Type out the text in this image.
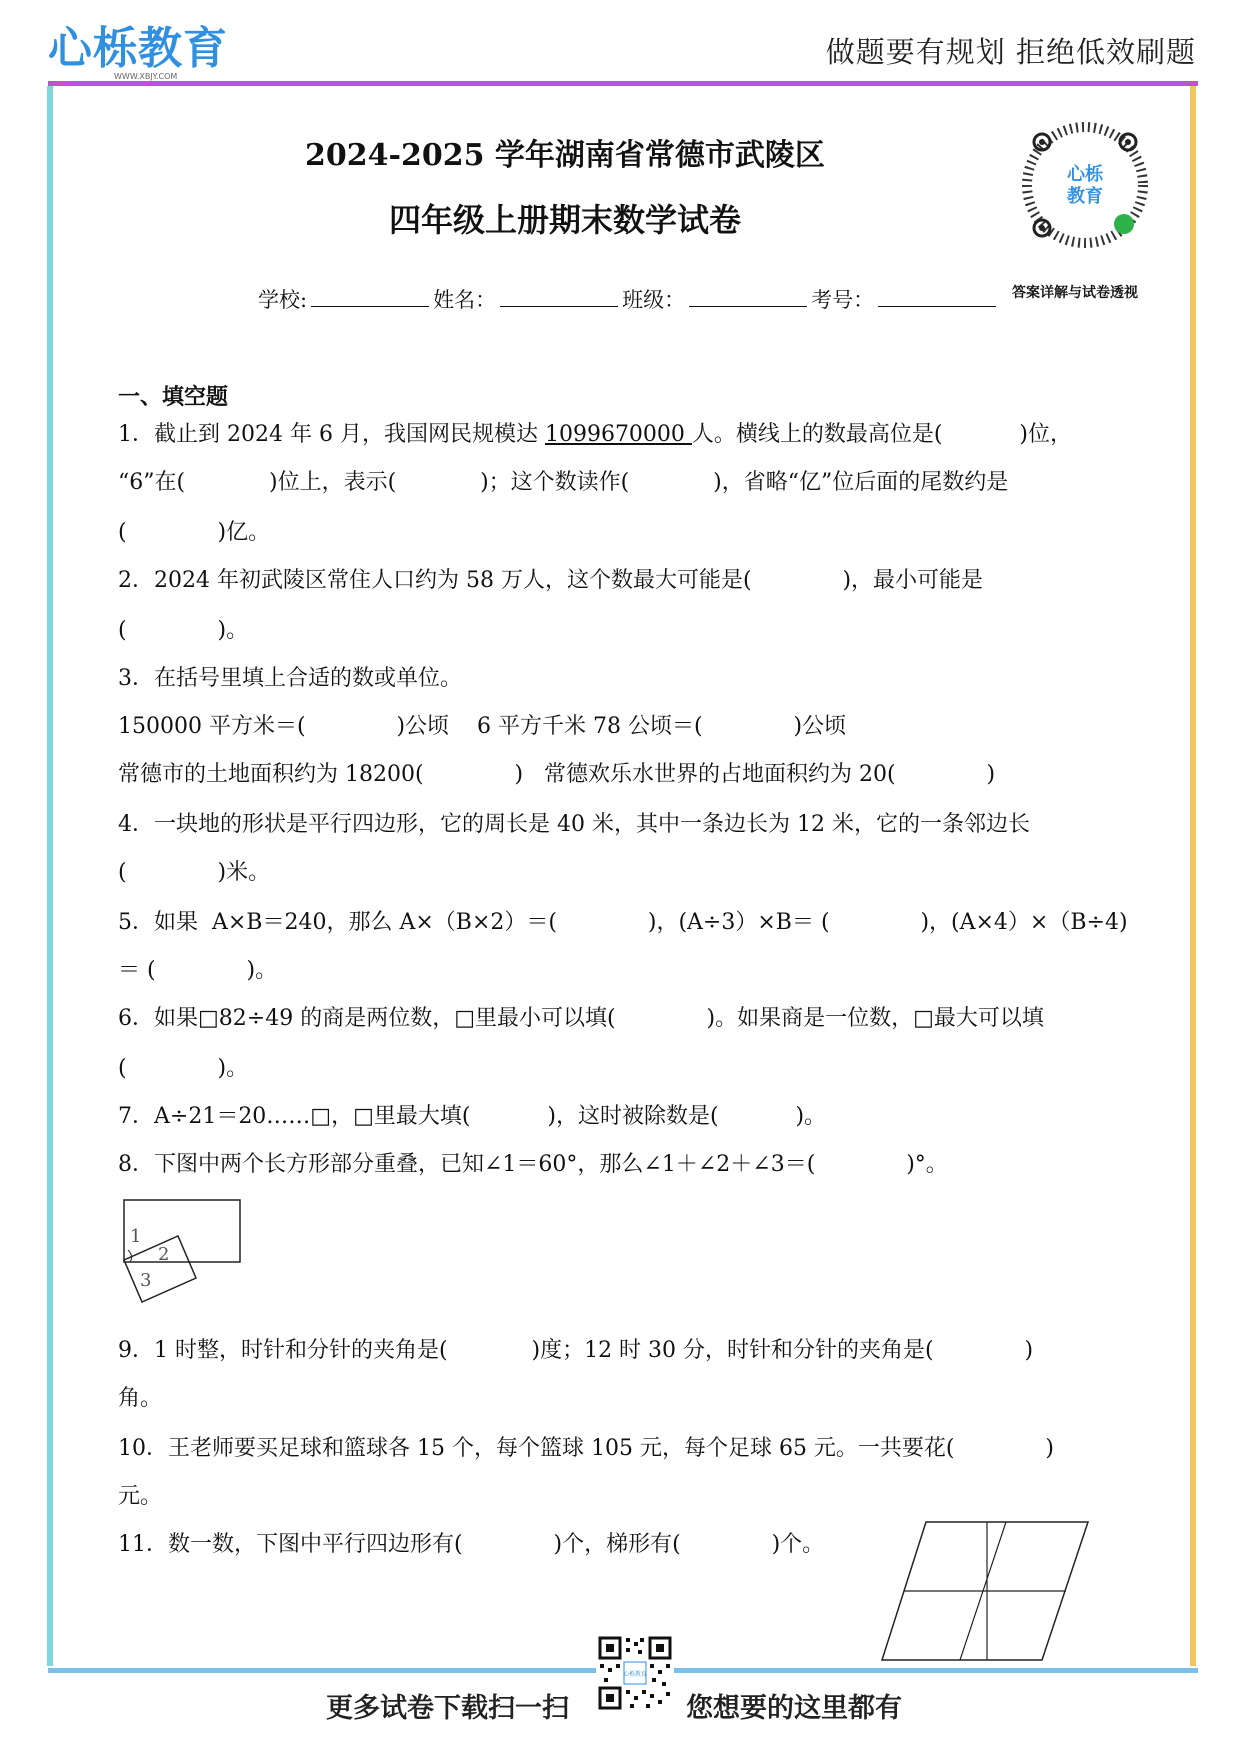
心栎教育
WWW.XBJY.COM
做题要有规划 拒绝低效刷题
2024-2025 学年湖南省常德市武陵区
四年级上册期末数学试卷
心栎
教育
答案详解与试卷透视
学校:	姓名：	班级：	考号：
一、填空题
1．截止到 2024 年 6 月，我国网民规模达 1099670000 人。横线上的数最高位是(           )位，
“6”在(            )位上，表示(            )；这个数读作(            )，省略“亿”位后面的尾数约是
(             )亿。
2．2024 年初武陵区常住人口约为 58 万人，这个数最大可能是(             )，最小可能是
(             )。
3．在括号里填上合适的数或单位。
150000 平方米＝(             )公顷    6 平方千米 78 公顷＝(             )公顷
常德市的土地面积约为 18200(             )   常德欢乐水世界的占地面积约为 20(             )
4．一块地的形状是平行四边形，它的周长是 40 米，其中一条边长为 12 米，它的一条邻边长
(             )米。
5．如果  A×B＝240，那么 A×（B×2）＝(             )，(A÷3）×B＝ (             )，(A×4）×（B÷4)
＝ (             )。
6．如果□82÷49 的商是两位数，□里最小可以填(             )。如果商是一位数，□最大可以填
(             )。
7．A÷21＝20……□，□里最大填(           )，这时被除数是(           )。
8．下图中两个长方形部分重叠，已知∠1＝60°，那么∠1＋∠2＋∠3＝(             )°。
1
2
3
9．1 时整，时针和分针的夹角是(            )度；12 时 30 分，时针和分针的夹角是(             )
角。
10．王老师要买足球和篮球各 15 个，每个篮球 105 元，每个足球 65 元。一共要花(             )
元。
11．数一数，下图中平行四边形有(             )个，梯形有(             )个。
更多试卷下载扫一扫
心栎教育
您想要的这里都有
